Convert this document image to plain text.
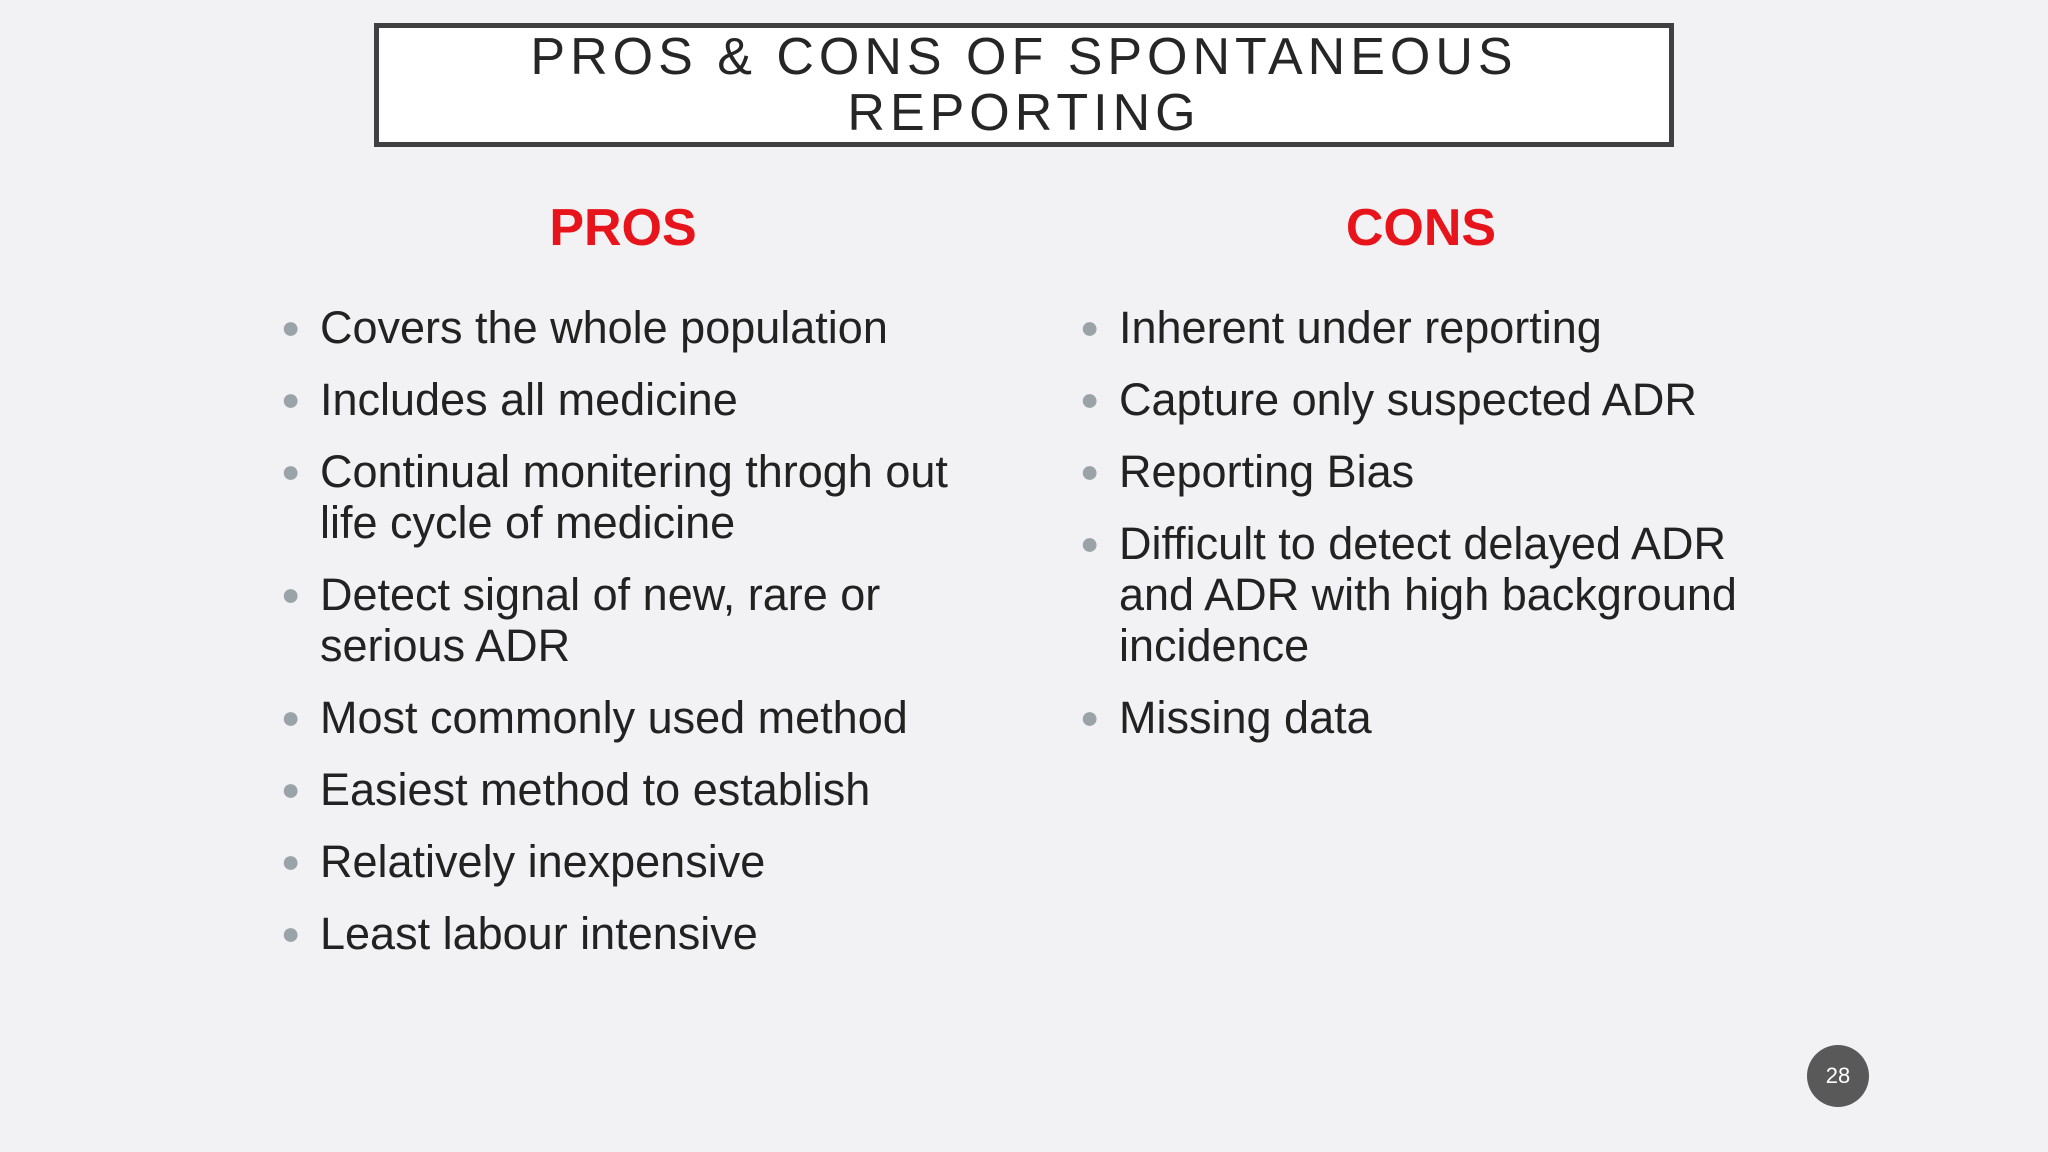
PROS & CONS OF SPONTANEOUS
REPORTING
PROS	CONS
● Covers the whole population
● Includes all medicine
● Continual monitering throgh out life cycle of medicine
● Detect signal of new, rare or serious ADR
● Most commonly used method
● Easiest method to establish
● Relatively inexpensive
● Least labour intensive
● Inherent under reporting
● Capture only suspected ADR
● Reporting Bias
● Difficult to detect delayed ADR and ADR with high background incidence
● Missing data
28
